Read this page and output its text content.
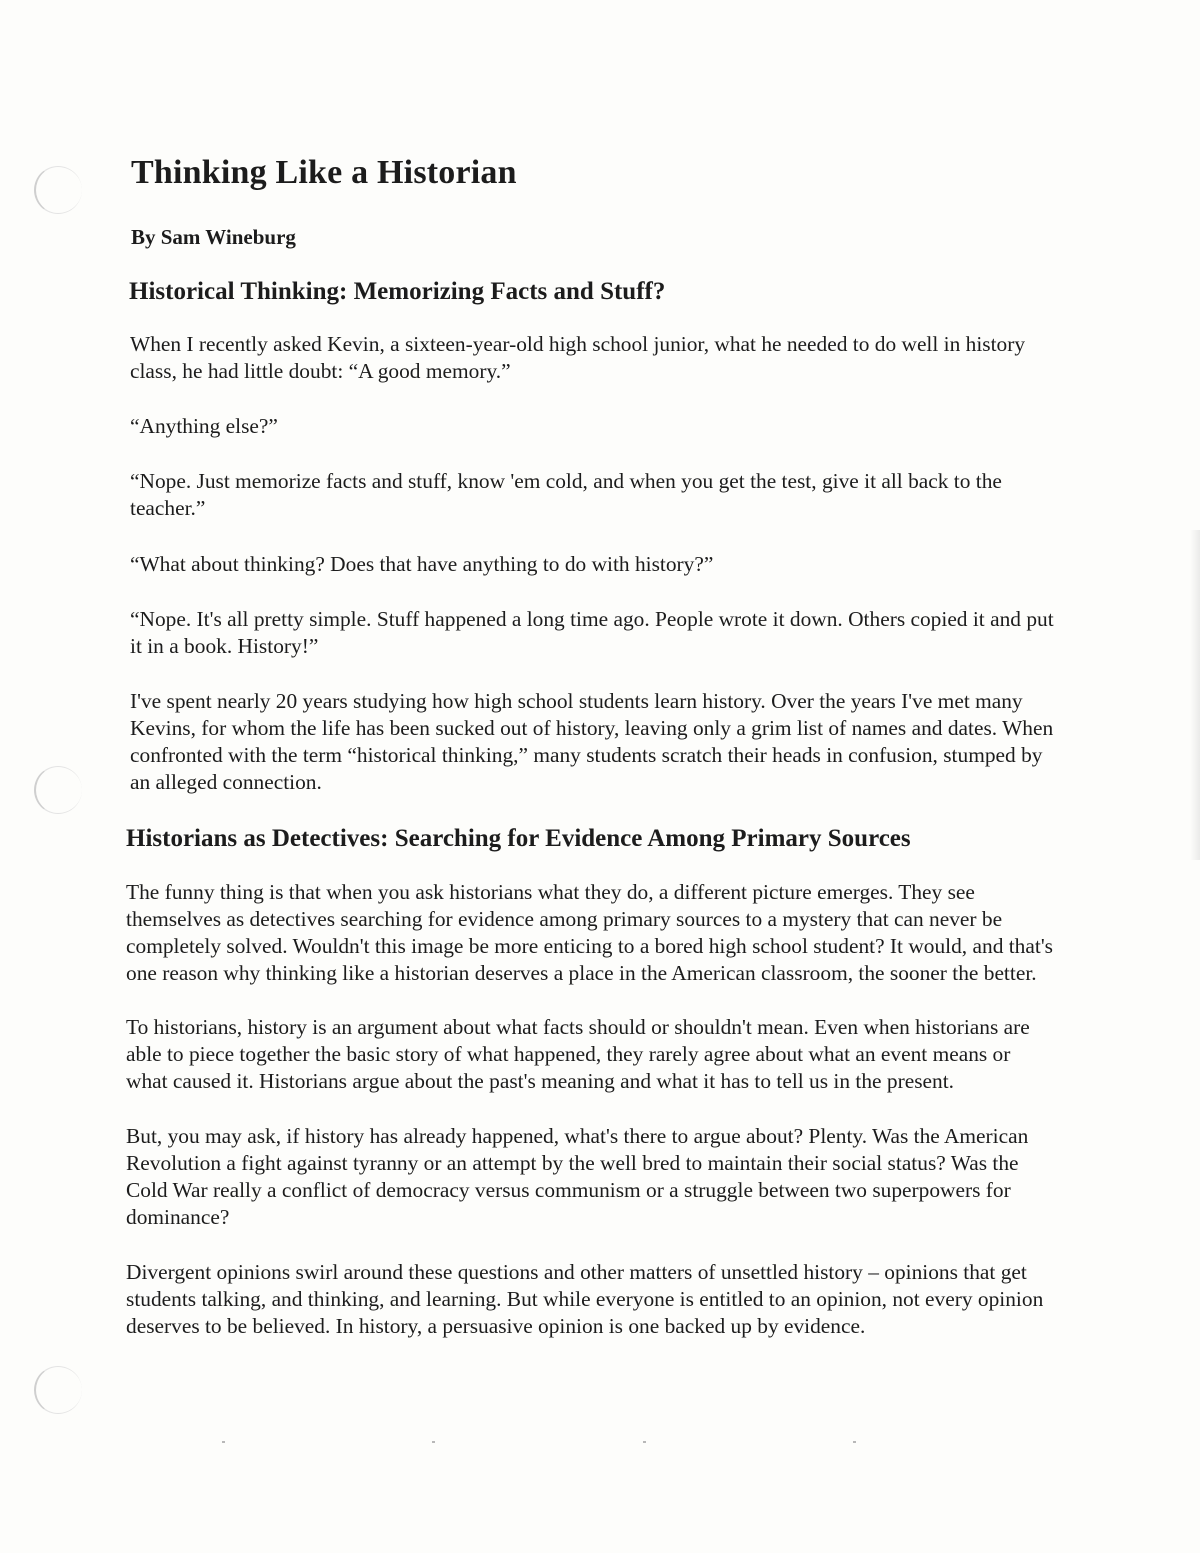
Thinking Like a Historian
By Sam Wineburg
Historical Thinking: Memorizing Facts and Stuff?

When I recently asked Kevin, a sixteen-year-old high school junior, what he needed to do well in history class, he had little doubt: “A good memory.”

“Anything else?”

“Nope. Just memorize facts and stuff, know 'em cold, and when you get the test, give it all back to the teacher.”

“What about thinking? Does that have anything to do with history?”

“Nope. It's all pretty simple. Stuff happened a long time ago. People wrote it down. Others copied it and put it in a book. History!”

I've spent nearly 20 years studying how high school students learn history. Over the years I've met many Kevins, for whom the life has been sucked out of history, leaving only a grim list of names and dates. When confronted with the term “historical thinking,” many students scratch their heads in confusion, stumped by an alleged connection.

Historians as Detectives: Searching for Evidence Among Primary Sources

The funny thing is that when you ask historians what they do, a different picture emerges. They see themselves as detectives searching for evidence among primary sources to a mystery that can never be completely solved. Wouldn't this image be more enticing to a bored high school student? It would, and that's one reason why thinking like a historian deserves a place in the American classroom, the sooner the better.

To historians, history is an argument about what facts should or shouldn't mean. Even when historians are able to piece together the basic story of what happened, they rarely agree about what an event means or what caused it. Historians argue about the past's meaning and what it has to tell us in the present.

But, you may ask, if history has already happened, what's there to argue about? Plenty. Was the American Revolution a fight against tyranny or an attempt by the well bred to maintain their social status? Was the Cold War really a conflict of democracy versus communism or a struggle between two superpowers for dominance?

Divergent opinions swirl around these questions and other matters of unsettled history – opinions that get students talking, and thinking, and learning. But while everyone is entitled to an opinion, not every opinion deserves to be believed. In history, a persuasive opinion is one backed up by evidence.
